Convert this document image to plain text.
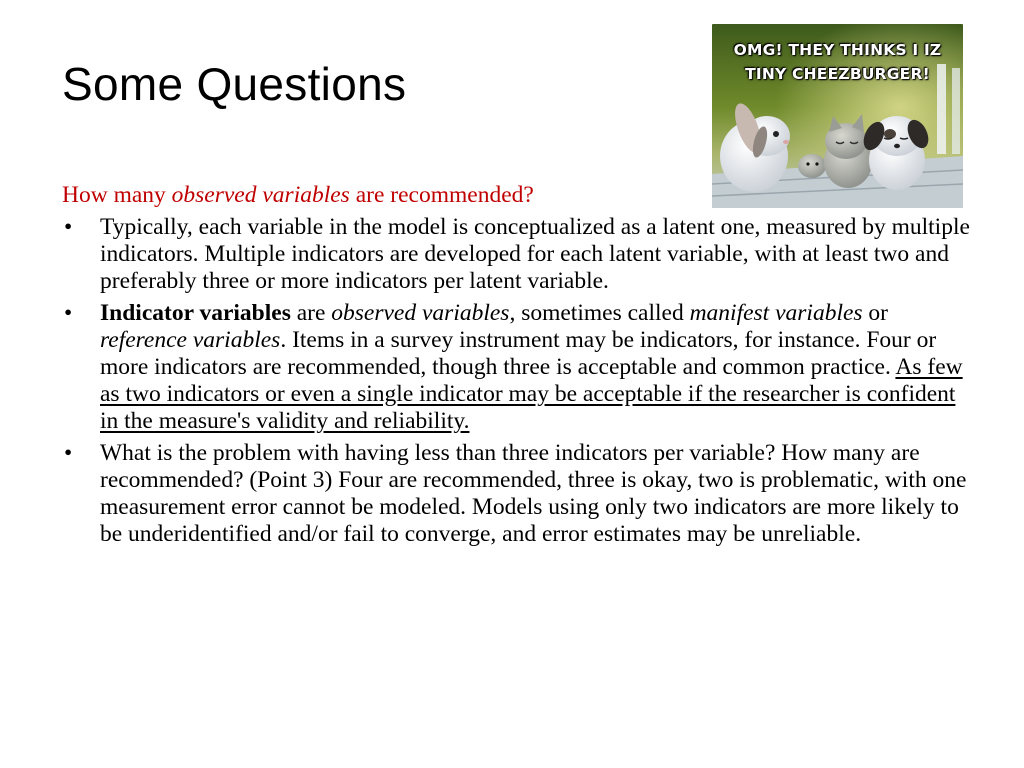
Some Questions
OMG! THEY THINKS I IZ
TINY CHEEZBURGER!

How many observed variables are recommended?

• Typically, each variable in the model is conceptualized as a latent one, measured by multiple indicators. Multiple indicators are developed for each latent variable, with at least two and preferably three or more indicators per latent variable.
• Indicator variables are observed variables, sometimes called manifest variables or reference variables. Items in a survey instrument may be indicators, for instance. Four or more indicators are recommended, though three is acceptable and common practice. As few as two indicators or even a single indicator may be acceptable if the researcher is confident in the measure's validity and reliability.
• What is the problem with having less than three indicators per variable? How many are recommended? (Point 3) Four are recommended, three is okay, two is problematic, with one measurement error cannot be modeled. Models using only two indicators are more likely to be underidentified and/or fail to converge, and error estimates may be unreliable.
